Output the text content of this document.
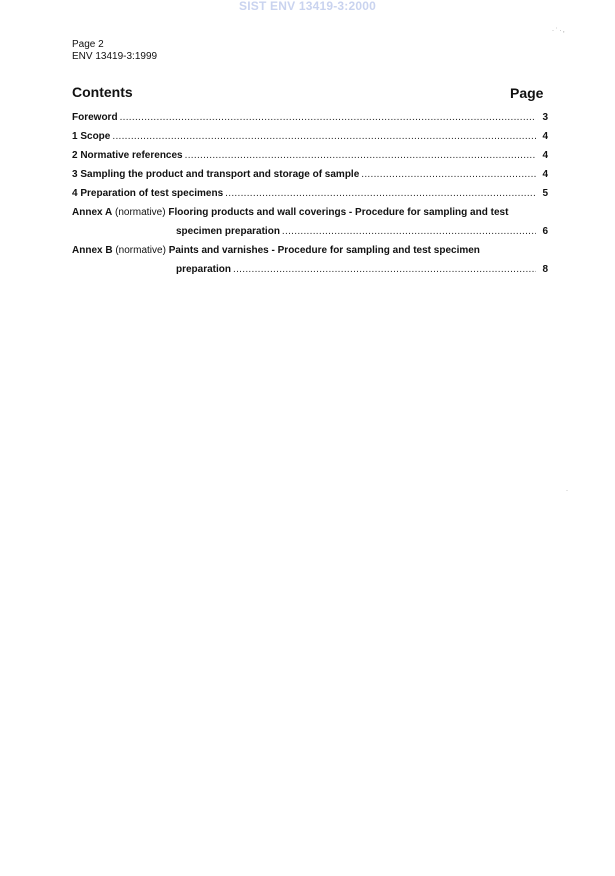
SIST ENV 13419-3:2000
· ˈ · ,
·
Page 2
ENV 13419-3:1999
Contents	Page
Foreword .....	3
1 Scope .....	4
2 Normative references .....	4
3 Sampling the product and transport and storage of sample .....	4
4 Preparation of test specimens .....	5
Annex A (normative) Flooring products and wall coverings - Procedure for sampling and test
specimen preparation .....	6
Annex B (normative) Paints and varnishes - Procedure for sampling and test specimen
preparation .....	8
